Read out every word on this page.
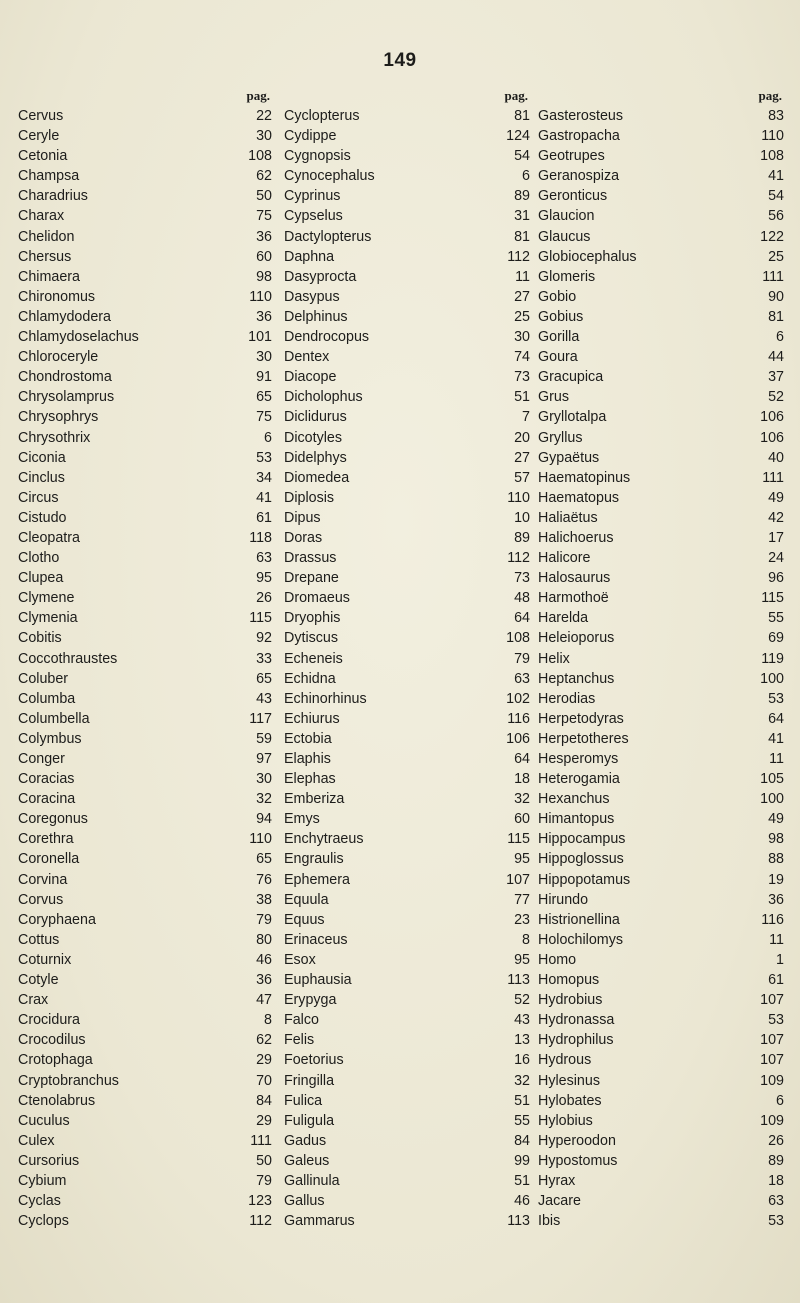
149
pag.
Cervus	22
Ceryle	30
Cetonia	108
Champsa	62
Charadrius	50
Charax	75
Chelidon	36
Chersus	60
Chimaera	98
Chironomus	110
Chlamydodera	36
Chlamydoselachus	101
Chloroceryle	30
Chondrostoma	91
Chrysolamprus	65
Chrysophrys	75
Chrysothrix	6
Ciconia	53
Cinclus	34
Circus	41
Cistudo	61
Cleopatra	118
Clotho	63
Clupea	95
Clymene	26
Clymenia	115
Cobitis	92
Coccothraustes	33
Coluber	65
Columba	43
Columbella	117
Colymbus	59
Conger	97
Coracias	30
Coracina	32
Coregonus	94
Corethra	110
Coronella	65
Corvina	76
Corvus	38
Coryphaena	79
Cottus	80
Coturnix	46
Cotyle	36
Crax	47
Crocidura	8
Crocodilus	62
Crotophaga	29
Cryptobranchus	70
Ctenolabrus	84
Cuculus	29
Culex	111
Cursorius	50
Cybium	79
Cyclas	123
Cyclops	112
pag.
Cyclopterus	81
Cydippe	124
Cygnopsis	54
Cynocephalus	6
Cyprinus	89
Cypselus	31
Dactylopterus	81
Daphna	112
Dasyprocta	11
Dasypus	27
Delphinus	25
Dendrocopus	30
Dentex	74
Diacope	73
Dicholophus	51
Diclidurus	7
Dicotyles	20
Didelphys	27
Diomedea	57
Diplosis	110
Dipus	10
Doras	89
Drassus	112
Drepane	73
Dromaeus	48
Dryophis	64
Dytiscus	108
Echeneis	79
Echidna	63
Echinorhinus	102
Echiurus	116
Ectobia	106
Elaphis	64
Elephas	18
Emberiza	32
Emys	60
Enchytraeus	115
Engraulis	95
Ephemera	107
Equula	77
Equus	23
Erinaceus	8
Esox	95
Euphausia	113
Erypyga	52
Falco	43
Felis	13
Foetorius	16
Fringilla	32
Fulica	51
Fuligula	55
Gadus	84
Galeus	99
Gallinula	51
Gallus	46
Gammarus	113
pag.
Gasterosteus	83
Gastropacha	110
Geotrupes	108
Geranospiza	41
Geronticus	54
Glaucion	56
Glaucus	122
Globiocephalus	25
Glomeris	111
Gobio	90
Gobius	81
Gorilla	6
Goura	44
Gracupica	37
Grus	52
Gryllotalpa	106
Gryllus	106
Gypaëtus	40
Haematopinus	111
Haematopus	49
Haliaëtus	42
Halichoerus	17
Halicore	24
Halosaurus	96
Harmothoë	115
Harelda	55
Heleioporus	69
Helix	119
Heptanchus	100
Herodias	53
Herpetodyras	64
Herpetotheres	41
Hesperomys	11
Heterogamia	105
Hexanchus	100
Himantopus	49
Hippocampus	98
Hippoglossus	88
Hippopotamus	19
Hirundo	36
Histrionellina	116
Holochilomys	11
Homo	1
Homopus	61
Hydrobius	107
Hydronassa	53
Hydrophilus	107
Hydrous	107
Hylesinus	109
Hylobates	6
Hylobius	109
Hyperoodon	26
Hypostomus	89
Hyrax	18
Jacare	63
Ibis	53
